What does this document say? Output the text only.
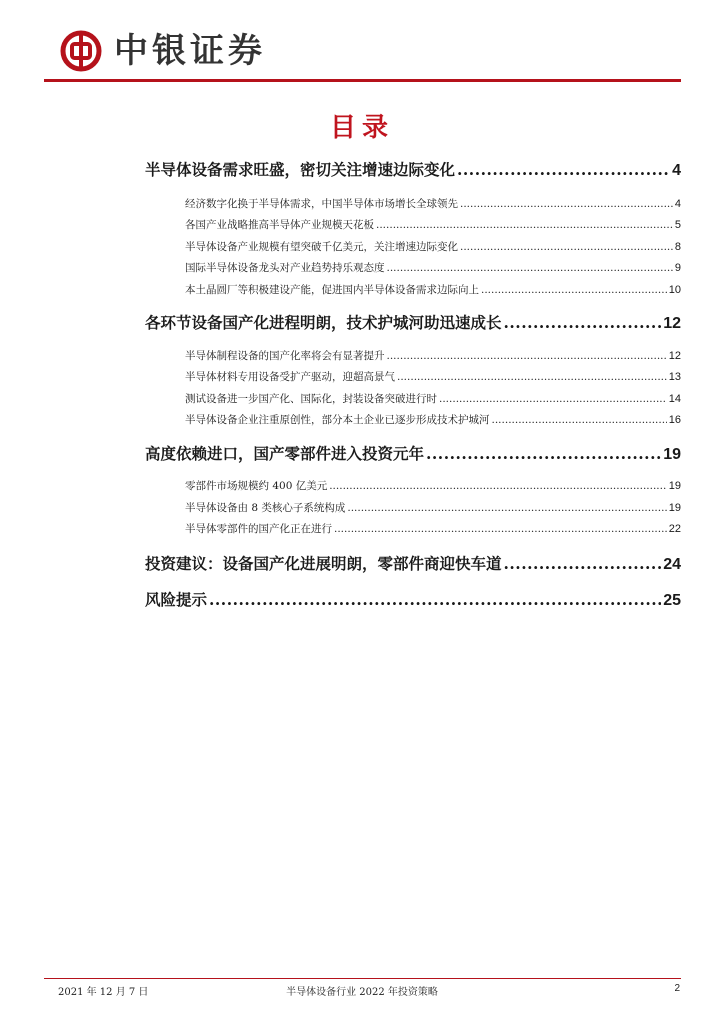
中银证券
目录
半导体设备需求旺盛，密切关注增速边际变化 .....	4
经济数字化换于半导体需求，中国半导体市场增长全球领先 .....	4
各国产业战略推高半导体产业规模天花板 .....	5
半导体设备产业规模有望突破千亿美元，关注增速边际变化 .....	8
国际半导体设备龙头对产业趋势持乐观态度 .....	9
本土晶圆厂等积极建设产能，促进国内半导体设备需求边际向上 .....	10
各环节设备国产化进程明朗，技术护城河助迅速成长 .....	12
半导体制程设备的国产化率将会有显著提升 .....	12
半导体材料专用设备受扩产驱动，迎超高景气 .....	13
测试设备进一步国产化、国际化，封装设备突破进行时 .....	14
半导体设备企业注重原创性，部分本土企业已逐步形成技术护城河 .....	16
高度依赖进口，国产零部件进入投资元年 .....	19
零部件市场规模约 400 亿美元 .....	19
半导体设备由 8 类核心子系统构成 .....	19
半导体零部件的国产化正在进行 .....	22
投资建议：设备国产化进展明朗，零部件商迎快车道 .....	24
风险提示 .....	25
2021 年 12 月 7 日	半导体设备行业 2022 年投资策略	2
